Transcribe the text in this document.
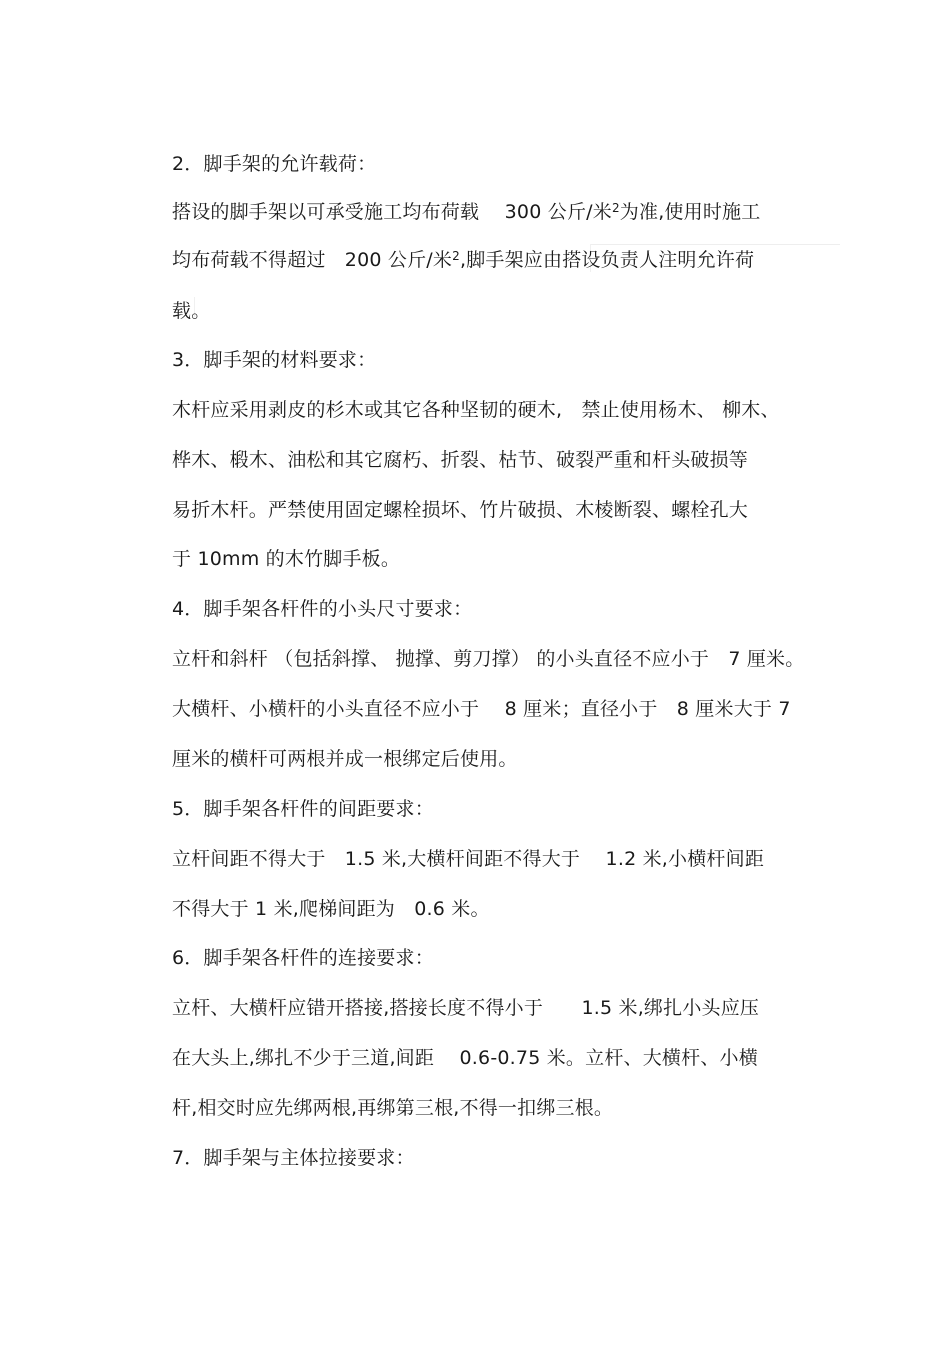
2．脚手架的允许载荷：
搭设的脚手架以可承受施工均布荷载　 300 公斤/米$^2$为准,使用时施工
均布荷载不得超过　200 公斤/米$^2$,脚手架应由搭设负责人注明允许荷
载。
3．脚手架的材料要求：
木杆应采用剥皮的杉木或其它各种坚韧的硬木,　禁止使用杨木、 柳木、
桦木、椴木、油松和其它腐朽、折裂、枯节、破裂严重和杆头破损等
易折木杆。严禁使用固定螺栓损坏、竹片破损、木棱断裂、螺栓孔大
于 10mm 的木竹脚手板。
4．脚手架各杆件的小头尺寸要求：
立杆和斜杆 （包括斜撑、 抛撑、剪刀撑） 的小头直径不应小于　7 厘米。
大横杆、小横杆的小头直径不应小于　 8 厘米；直径小于　8 厘米大于 7
厘米的横杆可两根并成一根绑定后使用。
5．脚手架各杆件的间距要求：
立杆间距不得大于　1.5 米,大横杆间距不得大于　 1.2 米,小横杆间距
不得大于 1 米,爬梯间距为　0.6 米。
6．脚手架各杆件的连接要求：
立杆、大横杆应错开搭接,搭接长度不得小于　　1.5 米,绑扎小头应压
在大头上,绑扎不少于三道,间距　 0.6-0.75 米。立杆、大横杆、小横
杆,相交时应先绑两根,再绑第三根,不得一扣绑三根。
7．脚手架与主体拉接要求：
